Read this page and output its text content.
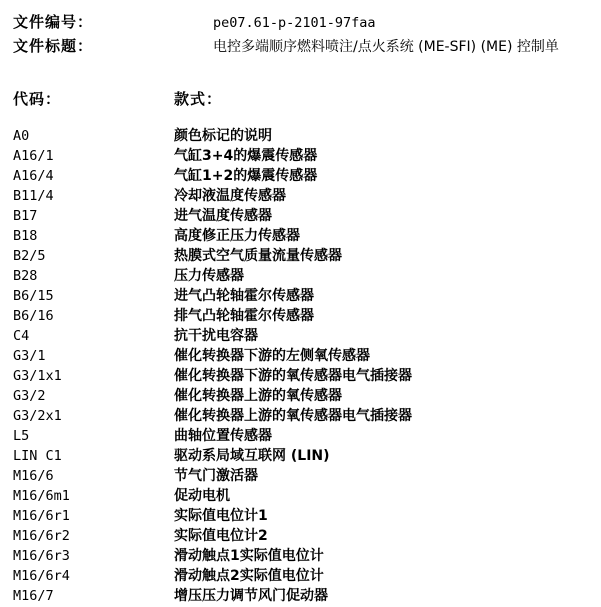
文件编号：	pe07.61-p-2101-97faa
文件标题：	电控多端顺序燃料喷注/点火系统 (ME-SFI) (ME) 控制单
代码：	款式：
A0	颜色标记的说明
A16/1	气缸3+4的爆震传感器
A16/4	气缸1+2的爆震传感器
B11/4	冷却液温度传感器
B17	进气温度传感器
B18	高度修正压力传感器
B2/5	热膜式空气质量流量传感器
B28	压力传感器
B6/15	进气凸轮轴霍尔传感器
B6/16	排气凸轮轴霍尔传感器
C4	抗干扰电容器
G3/1	催化转换器下游的左侧氧传感器
G3/1x1	催化转换器下游的氧传感器电气插接器
G3/2	催化转换器上游的氧传感器
G3/2x1	催化转换器上游的氧传感器电气插接器
L5	曲轴位置传感器
LIN C1	驱动系局域互联网 (LIN)
M16/6	节气门激活器
M16/6m1	促动电机
M16/6r1	实际值电位计1
M16/6r2	实际值电位计2
M16/6r3	滑动触点1实际值电位计
M16/6r4	滑动触点2实际值电位计
M16/7	增压压力调节风门促动器
